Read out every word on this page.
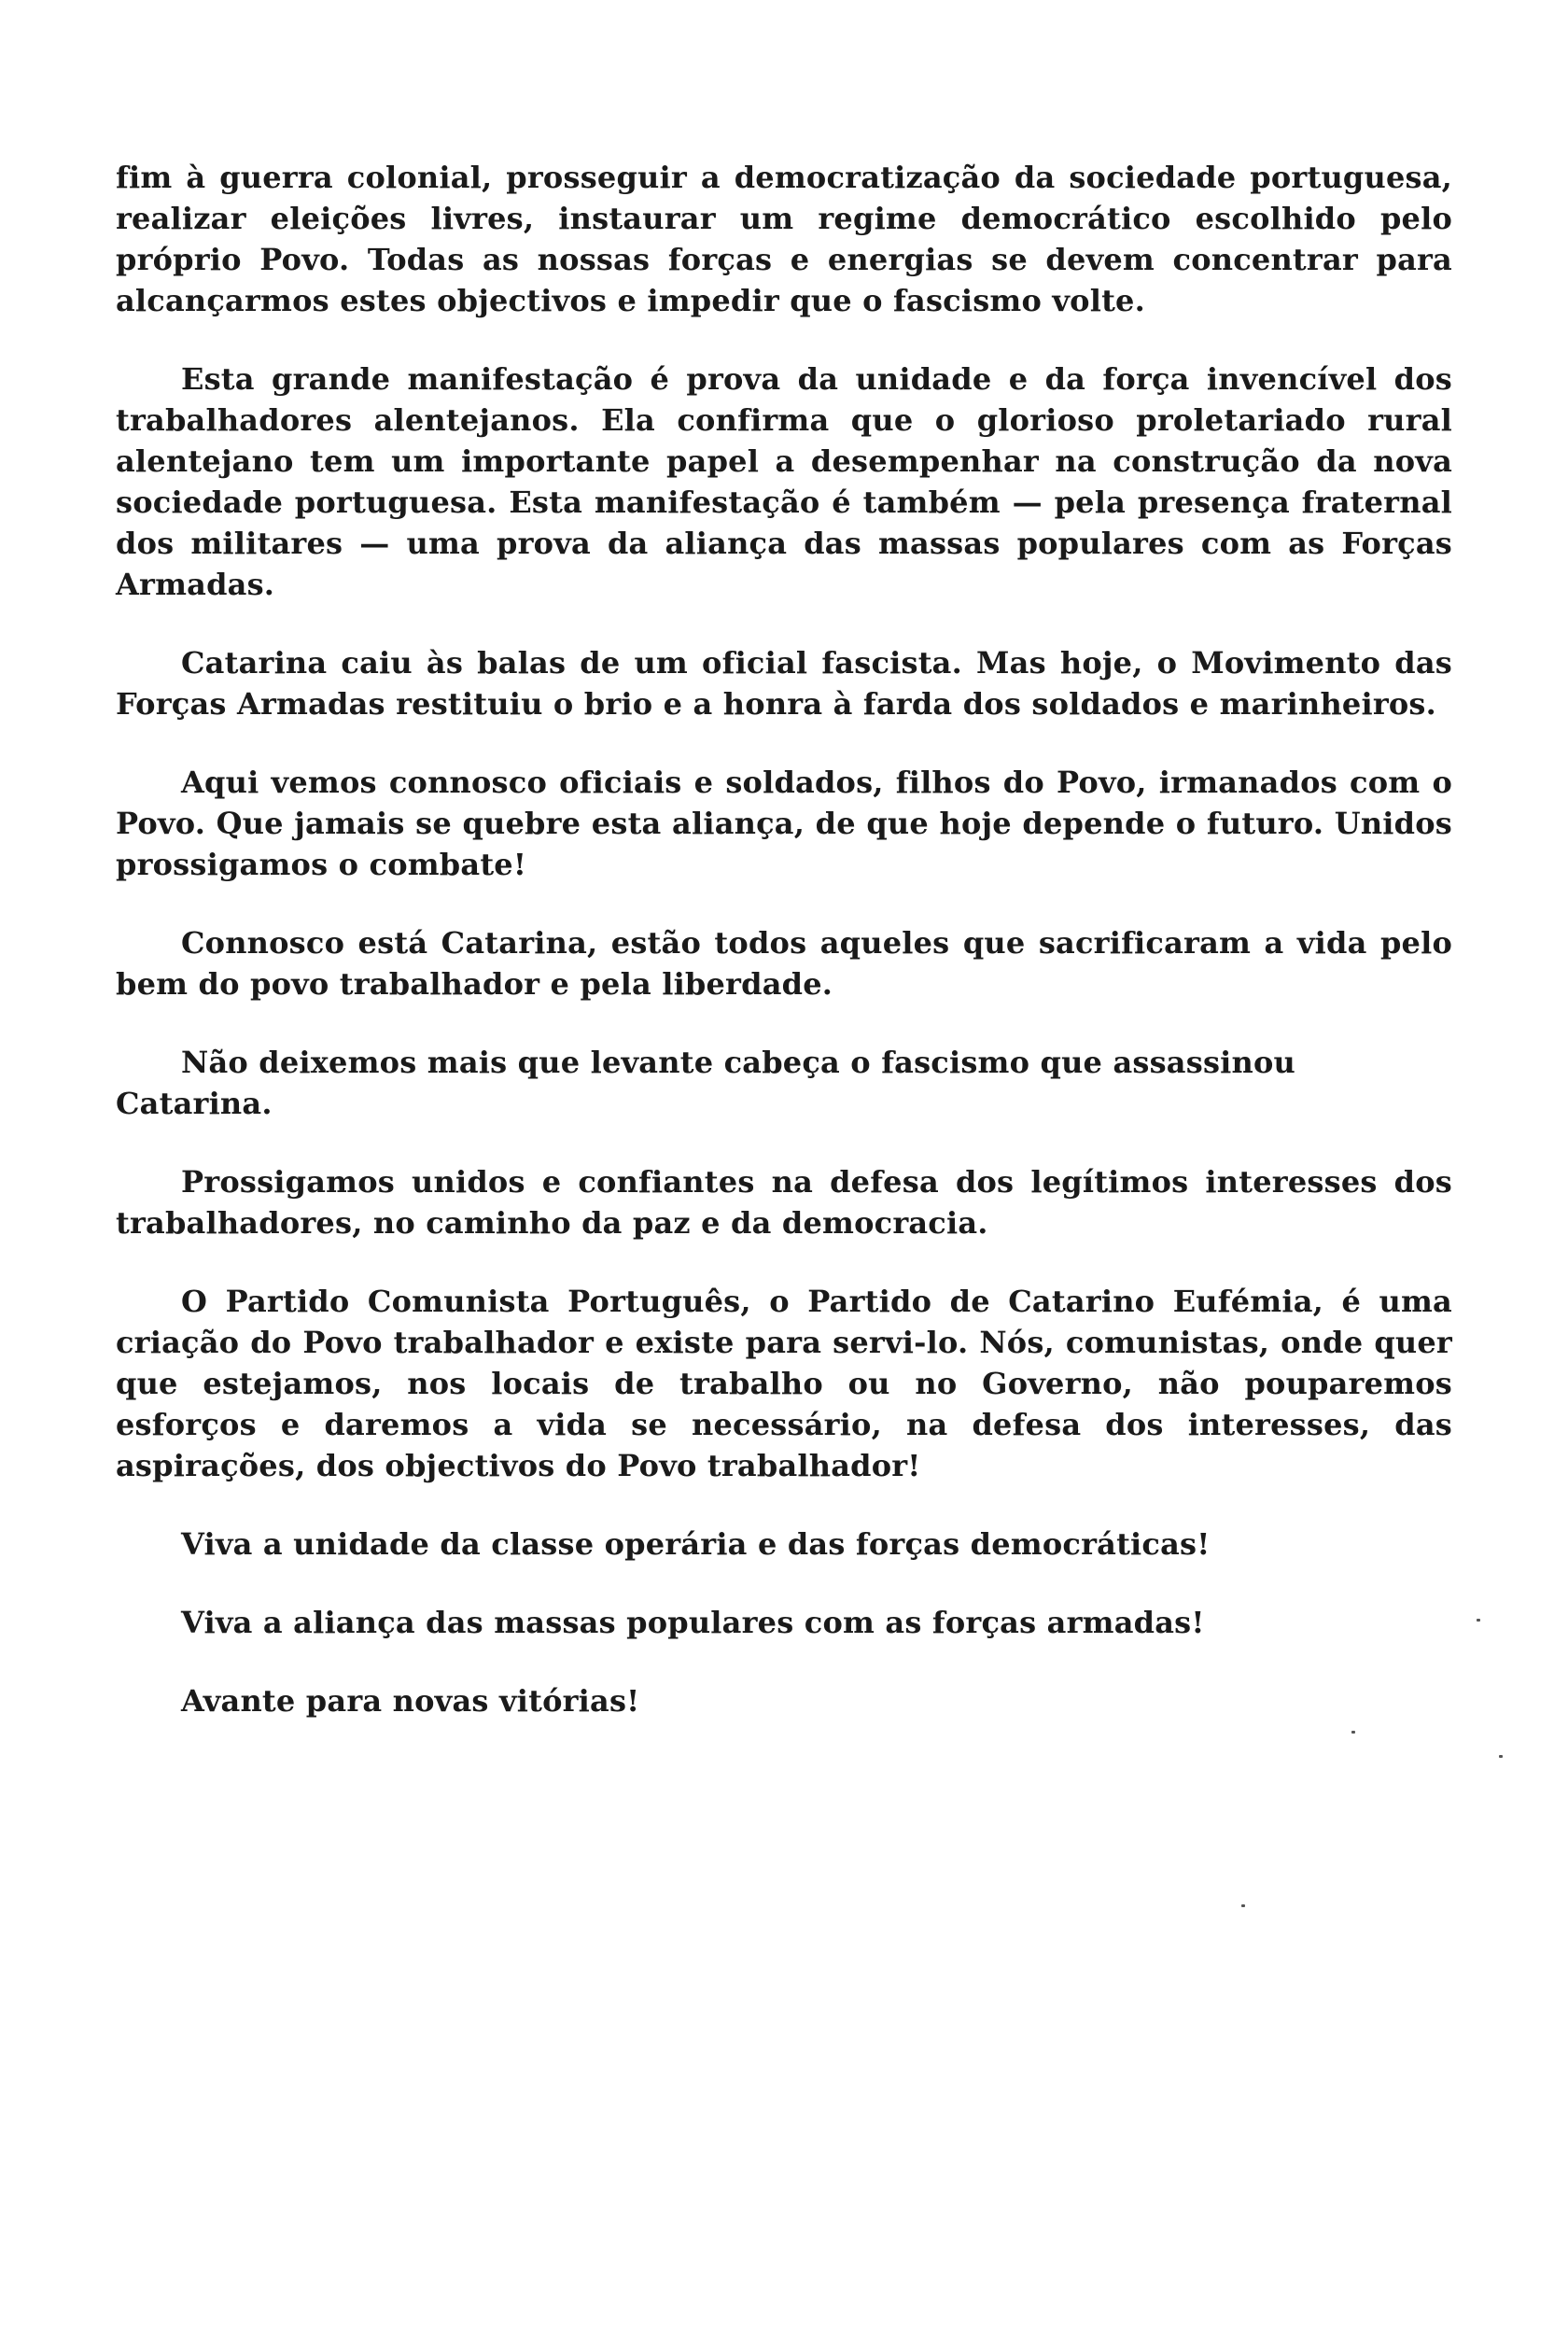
fim à guerra colonial, prosseguir a democratização da sociedade portuguesa, realizar eleições livres, instaurar um regime democrático escolhido pelo próprio Povo. Todas as nossas forças e energias se devem concentrar para alcançarmos estes objectivos e impedir que o fascismo volte.

Esta grande manifestação é prova da unidade e da força invencível dos trabalhadores alentejanos. Ela confirma que o glorioso proletariado rural alentejano tem um importante papel a desempenhar na construção da nova sociedade portuguesa. Esta manifestação é também — pela presença fraternal dos militares — uma prova da aliança das massas populares com as Forças Armadas.

Catarina caiu às balas de um oficial fascista. Mas hoje, o Movimento das Forças Armadas restituiu o brio e a honra à farda dos soldados e marinheiros.

Aqui vemos connosco oficiais e soldados, filhos do Povo, irmanados com o Povo. Que jamais se quebre esta aliança, de que hoje depende o futuro. Unidos prossigamos o combate!

Connosco está Catarina, estão todos aqueles que sacrificaram a vida pelo bem do povo trabalhador e pela liberdade.

Não deixemos mais que levante cabeça o fascismo que assassinou Catarina.

Prossigamos unidos e confiantes na defesa dos legítimos interesses dos trabalhadores, no caminho da paz e da democracia.

O Partido Comunista Português, o Partido de Catarino Eufémia, é uma criação do Povo trabalhador e existe para servi-lo. Nós, comunistas, onde quer que estejamos, nos locais de trabalho ou no Governo, não pouparemos esforços e daremos a vida se necessário, na defesa dos interesses, das aspirações, dos objectivos do Povo trabalhador!

Viva a unidade da classe operária e das forças democráticas!

Viva a aliança das massas populares com as forças armadas!

Avante para novas vitórias!
